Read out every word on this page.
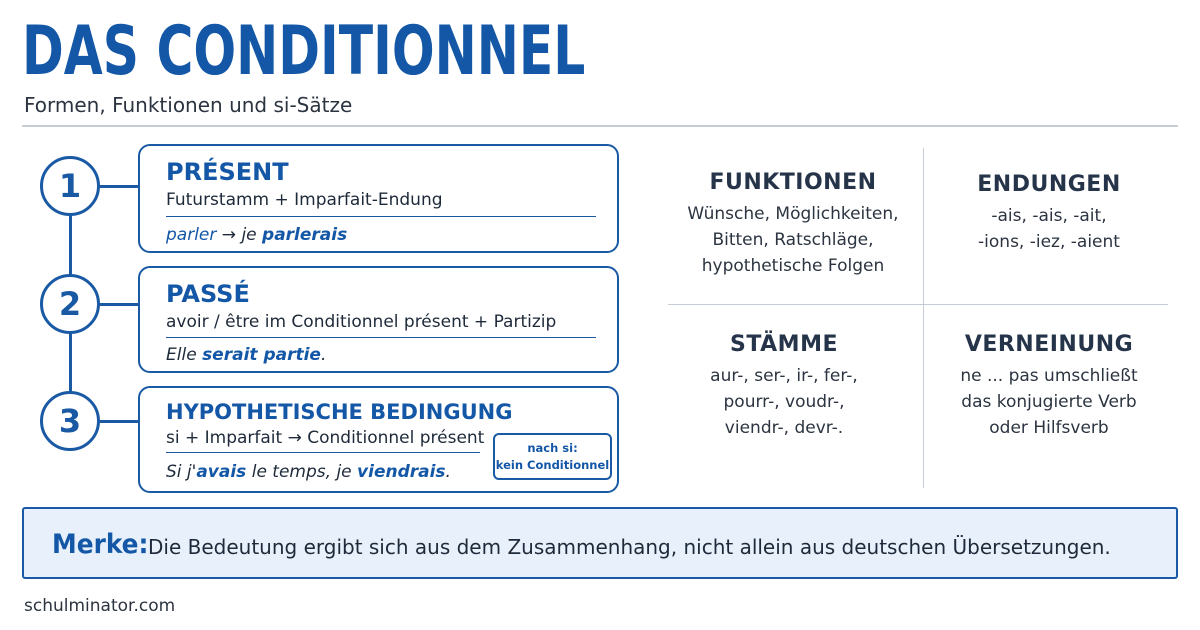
DAS CONDITIONNEL
Formen, Funktionen und si-Sätze
1
2
3
PRÉSENT
Futurstamm + Imparfait-Endung
parler → je parlerais
PASSÉ
avoir / être im Conditionnel présent + Partizip
Elle serait partie.
HYPOTHETISCHE BEDINGUNG
si + Imparfait → Conditionnel présent
Si j'avais le temps, je viendrais.
nach si:
kein Conditionnel
FUNKTIONEN
Wünsche, Möglichkeiten,
Bitten, Ratschläge,
hypothetische Folgen
ENDUNGEN
-ais, -ais, -ait,
-ions, -iez, -aient
STÄMME
aur-, ser-, ir-, fer-,
pourr-, voudr-,
viendr-, devr-.
VERNEINUNG
ne ... pas umschließt
das konjugierte Verb
oder Hilfsverb
Merke: Die Bedeutung ergibt sich aus dem Zusammenhang, nicht allein aus deutschen Übersetzungen.
schulminator.com
